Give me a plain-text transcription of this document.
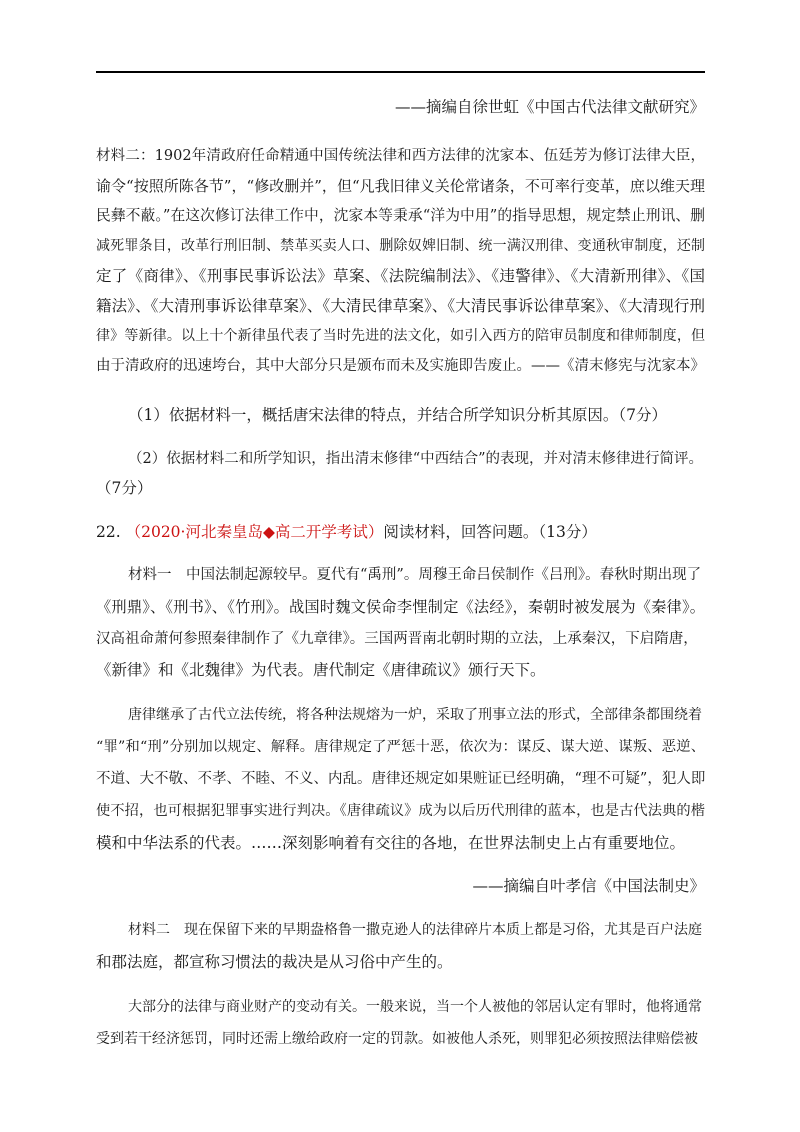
——摘编自徐世虹《中国古代法律文献研究》
材料二：1902年清政府任命精通中国传统法律和西方法律的沈家本、伍廷芳为修订法律大臣，
谕令“按照所陈各节”，“修改删并”，但“凡我旧律义关伦常诸条，不可率行变革，庶以维天理
民彝不蔽。”在这次修订法律工作中，沈家本等秉承“洋为中用”的指导思想，规定禁止刑讯、删
减死罪条目，改革行刑旧制、禁革买卖人口、删除奴婢旧制、统一满汉刑律、变通秋审制度，还制
定了《商律》、《刑事民事诉讼法》草案、《法院编制法》、《违警律》、《大清新刑律》、《国
籍法》、《大清刑事诉讼律草案》、《大清民律草案》、《大清民事诉讼律草案》、《大清现行刑
律》等新律。以上十个新律虽代表了当时先进的法文化，如引入西方的陪审员制度和律师制度，但
由于清政府的迅速垮台，其中大部分只是颁布而未及实施即告废止。——《清末修宪与沈家本》
（1）依据材料一，概括唐宋法律的特点，并结合所学知识分析其原因。（7分）
（2）依据材料二和所学知识，指出清末修律“中西结合”的表现，并对清末修律进行简评。
（7分）
22. （2020·河北秦皇岛◆高二开学考试）阅读材料，回答问题。（13分）
材料一　中国法制起源较早。夏代有“禹刑”。周穆王命吕侯制作《吕刑》。春秋时期出现了
《刑鼎》、《刑书》、《竹刑》。战国时魏文侯命李悝制定《法经》，秦朝时被发展为《秦律》。
汉高祖命萧何参照秦律制作了《九章律》。三国两晋南北朝时期的立法，上承秦汉，下启隋唐，
《新律》和《北魏律》为代表。唐代制定《唐律疏议》颁行天下。
唐律继承了古代立法传统，将各种法规熔为一炉，采取了刑事立法的形式，全部律条都围绕着
“罪”和“刑”分别加以规定、解释。唐律规定了严惩十恶，依次为：谋反、谋大逆、谋叛、恶逆、
不道、大不敬、不孝、不睦、不义、内乱。唐律还规定如果赃证已经明确，“理不可疑”，犯人即
使不招，也可根据犯罪事实进行判决。《唐律疏议》成为以后历代刑律的蓝本，也是古代法典的楷
模和中华法系的代表。……深刻影响着有交往的各地，在世界法制史上占有重要地位。
——摘编自叶孝信《中国法制史》
材料二　现在保留下来的早期盎格鲁一撒克逊人的法律碎片本质上都是习俗，尤其是百户法庭
和郡法庭，都宣称习惯法的裁决是从习俗中产生的。
大部分的法律与商业财产的变动有关。一般来说，当一个人被他的邻居认定有罪时，他将通常
受到若干经济惩罚，同时还需上缴给政府一定的罚款。如被他人杀死，则罪犯必须按照法律赔偿被
